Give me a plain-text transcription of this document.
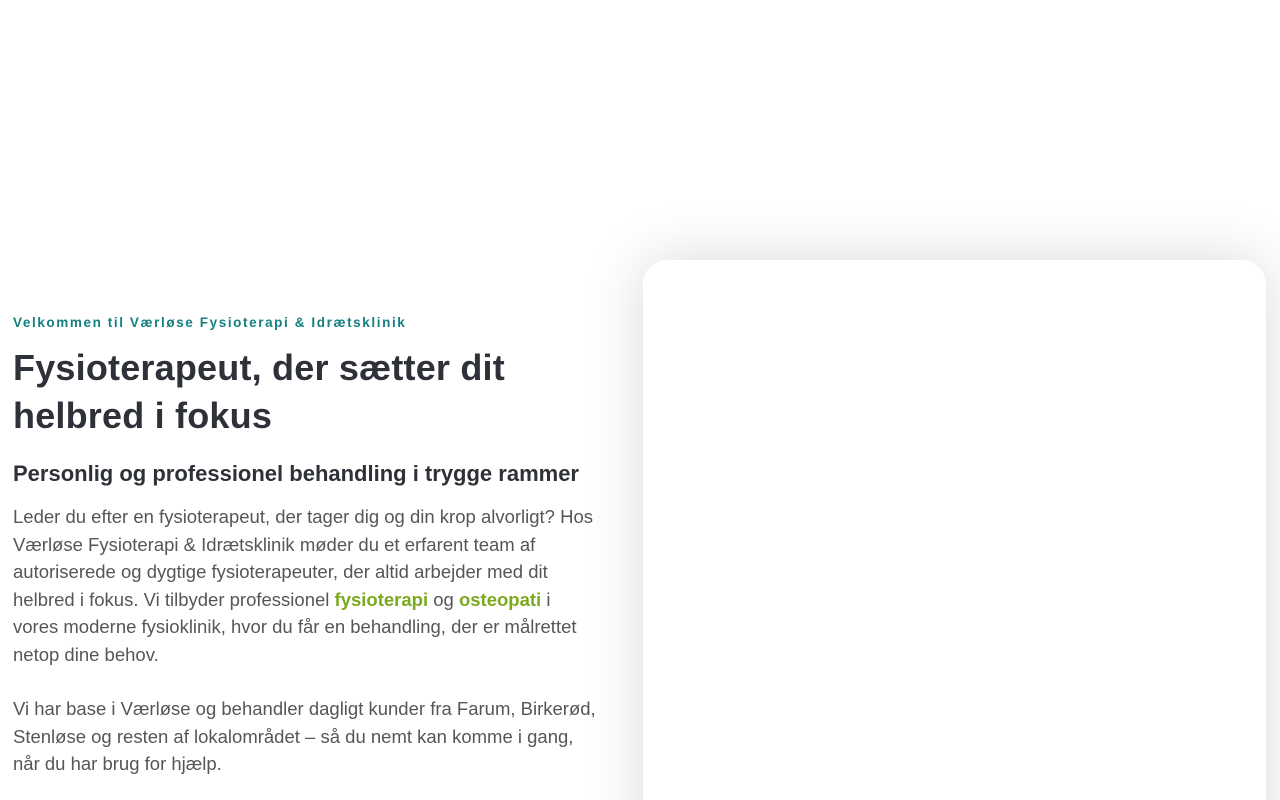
Velkommen til Værløse Fysioterapi & Idrætsklinik

Fysioterapeut, der sætter dit helbred i fokus
Personlig og professionel behandling i trygge rammer

Leder du efter en fysioterapeut, der tager dig og din krop alvorligt? Hos Værløse Fysioterapi & Idrætsklinik møder du et erfarent team af autoriserede og dygtige fysioterapeuter, der altid arbejder med dit helbred i fokus. Vi tilbyder professionel fysioterapi og osteopati i vores moderne fysioklinik, hvor du får en behandling, der er målrettet netop dine behov.

Vi har base i Værløse og behandler dagligt kunder fra Farum, Birkerød, Stenløse og resten af lokalområdet – så du nemt kan komme i gang, når du har brug for hjælp.
